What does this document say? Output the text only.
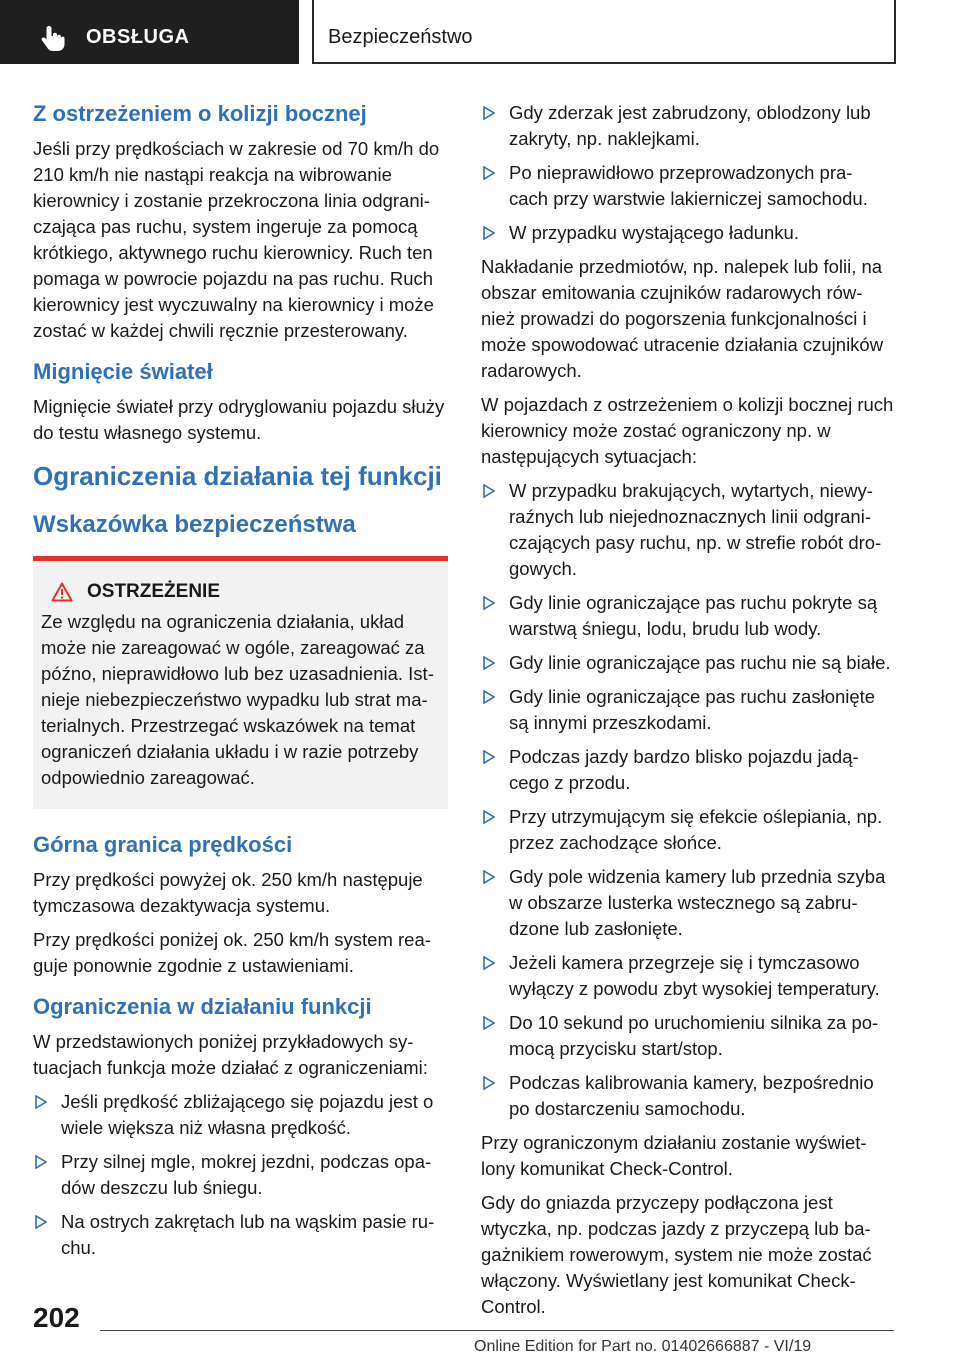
OBSŁUGA	Bezpieczeństwo
Z ostrzeżeniem o kolizji bocznej

Jeśli przy prędkościach w zakresie od 70 km/h do 210 km/h nie nastąpi reakcja na wibrowanie kierownicy i zostanie przekroczona linia odgrani- czająca pas ruchu, system ingeruje za pomocą krótkiego, aktywnego ruchu kierownicy. Ruch ten pomaga w powrocie pojazdu na pas ruchu. Ruch kierownicy jest wyczuwalny na kierownicy i może zostać w każdej chwili ręcznie przesterowany.

Mignięcie świateł

Mignięcie świateł przy odryglowaniu pojazdu służy do testu własnego systemu.

Ograniczenia działania tej funkcji
Wskazówka bezpieczeństwa
OSTRZEŻENIE

Ze względu na ograniczenia działania, układ może nie zareagować w ogóle, zareagować za późno, nieprawidłowo lub bez uzasadnienia. Ist- nieje niebezpieczeństwo wypadku lub strat ma- terialnych. Przestrzegać wskazówek na temat ograniczeń działania układu i w razie potrzeby odpowiednio zareagować.

Górna granica prędkości

Przy prędkości powyżej ok. 250 km/h następuje tymczasowa dezaktywacja systemu.

Przy prędkości poniżej ok. 250 km/h system rea- guje ponownie zgodnie z ustawieniami.

Ograniczenia w działaniu funkcji

W przedstawionych poniżej przykładowych sy- tuacjach funkcja może działać z ograniczeniami:

Jeśli prędkość zbliżającego się pojazdu jest o wiele większa niż własna prędkość.
Przy silnej mgle, mokrej jezdni, podczas opa- dów deszczu lub śniegu.
Na ostrych zakrętach lub na wąskim pasie ru- chu.
Gdy zderzak jest zabrudzony, oblodzony lub zakryty, np. naklejkami.
Po nieprawidłowo przeprowadzonych pra- cach przy warstwie lakierniczej samochodu.
W przypadku wystającego ładunku.

Nakładanie przedmiotów, np. nalepek lub folii, na obszar emitowania czujników radarowych rów- nież prowadzi do pogorszenia funkcjonalności i może spowodować utracenie działania czujników radarowych.

W pojazdach z ostrzeżeniem o kolizji bocznej ruch kierownicy może zostać ograniczony np. w następujących sytuacjach:

W przypadku brakujących, wytartych, niewy- raźnych lub niejednoznacznych linii odgrani- czających pasy ruchu, np. w strefie robót dro- gowych.
Gdy linie ograniczające pas ruchu pokryte są warstwą śniegu, lodu, brudu lub wody.
Gdy linie ograniczające pas ruchu nie są białe.
Gdy linie ograniczające pas ruchu zasłonięte są innymi przeszkodami.
Podczas jazdy bardzo blisko pojazdu jadą- cego z przodu.
Przy utrzymującym się efekcie oślepiania, np. przez zachodzące słońce.
Gdy pole widzenia kamery lub przednia szyba w obszarze lusterka wstecznego są zabru- dzone lub zasłonięte.
Jeżeli kamera przegrzeje się i tymczasowo wyłączy z powodu zbyt wysokiej temperatury.
Do 10 sekund po uruchomieniu silnika za po- mocą przycisku start/stop.
Podczas kalibrowania kamery, bezpośrednio po dostarczeniu samochodu.

Przy ograniczonym działaniu zostanie wyświet- lony komunikat Check-Control.

Gdy do gniazda przyczepy podłączona jest wtyczka, np. podczas jazdy z przyczepą lub ba- gażnikiem rowerowym, system nie może zostać włączony. Wyświetlany jest komunikat Check- Control.

202
Online Edition for Part no. 01402666887 - VI/19
